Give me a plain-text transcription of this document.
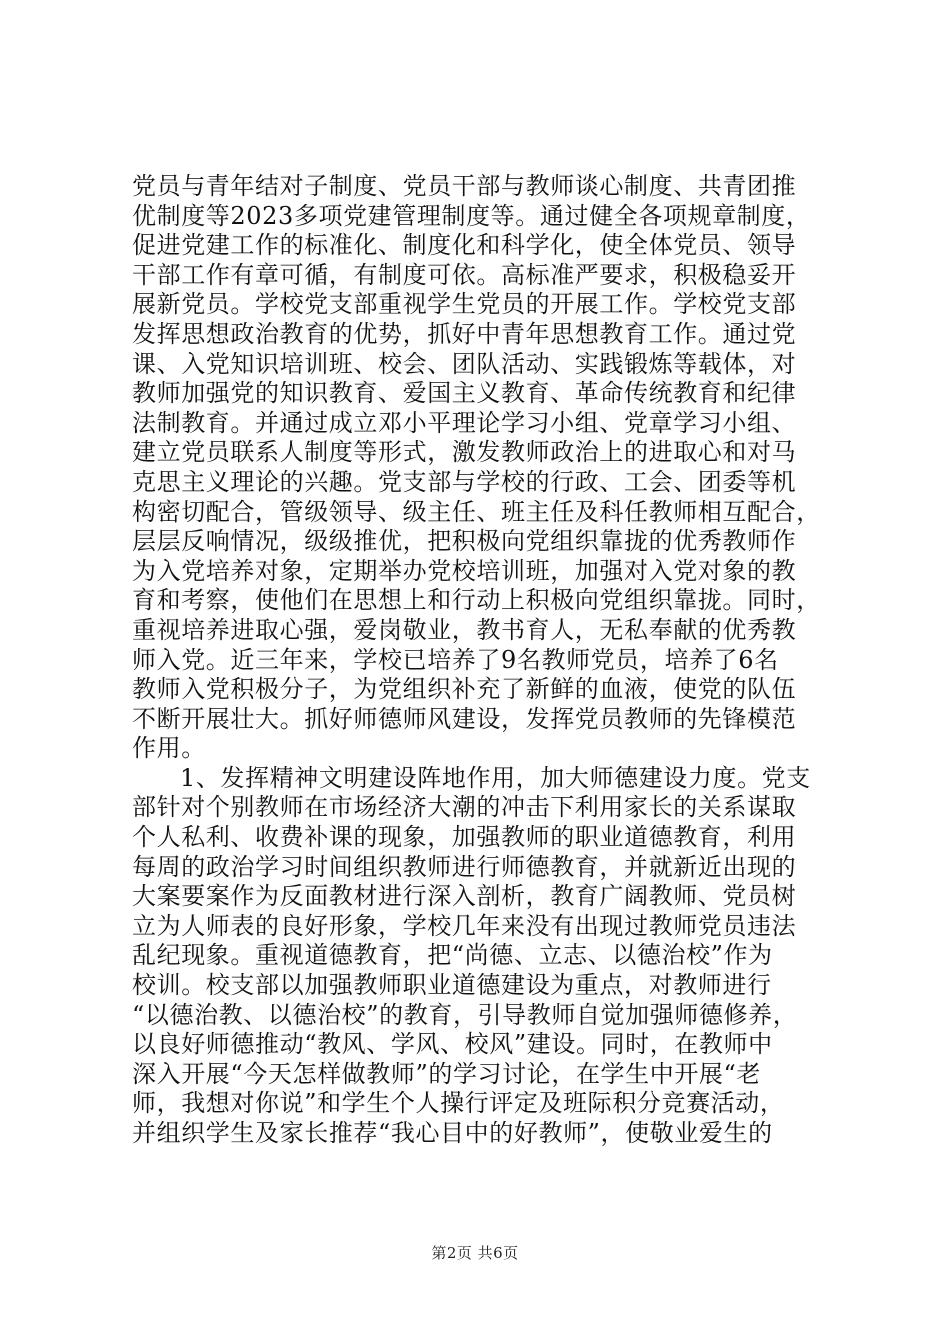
党员与青年结对子制度、党员干部与教师谈心制度、共青团推
优制度等2023多项党建管理制度等。通过健全各项规章制度，
促进党建工作的标准化、制度化和科学化，使全体党员、领导
干部工作有章可循，有制度可依。高标准严要求，积极稳妥开
展新党员。学校党支部重视学生党员的开展工作。学校党支部
发挥思想政治教育的优势，抓好中青年思想教育工作。通过党
课、入党知识培训班、校会、团队活动、实践锻炼等载体，对
教师加强党的知识教育、爱国主义教育、革命传统教育和纪律
法制教育。并通过成立邓小平理论学习小组、党章学习小组、
建立党员联系人制度等形式，激发教师政治上的进取心和对马
克思主义理论的兴趣。党支部与学校的行政、工会、团委等机
构密切配合，管级领导、级主任、班主任及科任教师相互配合，
层层反响情况，级级推优，把积极向党组织靠拢的优秀教师作
为入党培养对象，定期举办党校培训班，加强对入党对象的教
育和考察，使他们在思想上和行动上积极向党组织靠拢。同时，
重视培养进取心强，爱岗敬业，教书育人，无私奉献的优秀教
师入党。近三年来，学校已培养了9名教师党员，培养了6名
教师入党积极分子，为党组织补充了新鲜的血液，使党的队伍
不断开展壮大。抓好师德师风建设，发挥党员教师的先锋模范
作用。
1、发挥精神文明建设阵地作用，加大师德建设力度。党支
部针对个别教师在市场经济大潮的冲击下利用家长的关系谋取
个人私利、收费补课的现象，加强教师的职业道德教育，利用
每周的政治学习时间组织教师进行师德教育，并就新近出现的
大案要案作为反面教材进行深入剖析，教育广阔教师、党员树
立为人师表的良好形象，学校几年来没有出现过教师党员违法
乱纪现象。重视道德教育，把“尚德、立志、以德治校”作为
校训。校支部以加强教师职业道德建设为重点，对教师进行
“以德治教、以德治校”的教育，引导教师自觉加强师德修养，
以良好师德推动“教风、学风、校风”建设。同时，在教师中
深入开展“今天怎样做教师”的学习讨论，在学生中开展“老
师，我想对你说”和学生个人操行评定及班际积分竞赛活动，
并组织学生及家长推荐“我心目中的好教师”，使敬业爱生的
第2页 共6页
